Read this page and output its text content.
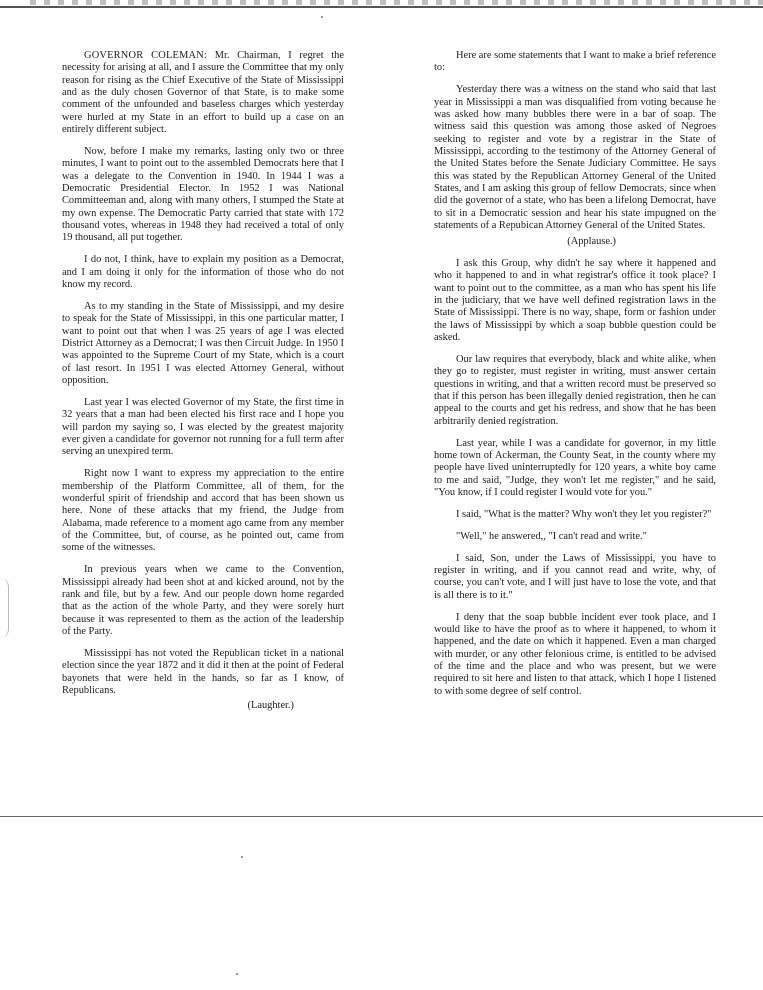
GOVERNOR COLEMAN: Mr. Chairman, I regret the necessity for arising at all, and I assure the Committee that my only reason for rising as the Chief Executive of the State of Mississippi and as the duly chosen Governor of that State, is to make some comment of the unfounded and baseless charges which yesterday were hurled at my State in an effort to build up a case on an entirely different subject.

Now, before I make my remarks, lasting only two or three minutes, I want to point out to the assembled Democrats here that I was a delegate to the Convention in 1940. In 1944 I was a Democratic Presidential Elector. In 1952 I was National Committeeman and, along with many others, I stumped the State at my own expense. The Democratic Party carried that state with 172 thousand votes, whereas in 1948 they had received a total of only 19 thousand, all put together.

I do not, I think, have to explain my position as a Democrat, and I am doing it only for the information of those who do not know my record.

As to my standing in the State of Mississippi, and my desire to speak for the State of Mississippi, in this one particular matter, I want to point out that when I was 25 years of age I was elected District Attorney as a Democrat; I was then Circuit Judge. In 1950 I was appointed to the Supreme Court of my State, which is a court of last resort. In 1951 I was elected Attorney General, without opposition.

Last year I was elected Governor of my State, the first time in 32 years that a man had been elected his first race and I hope you will pardon my saying so, I was elected by the greatest majority ever given a candidate for governor not running for a full term after serving an unexpired term.

Right now I want to express my appreciation to the entire membership of the Platform Committee, all of them, for the wonderful spirit of friendship and accord that has been shown us here. None of these attacks that my friend, the Judge from Alabama, made reference to a moment ago came from any member of the Committee, but, of course, as he pointed out, came from some of the witnesses.

In previous years when we came to the Convention, Mississippi already had been shot at and kicked around, not by the rank and file, but by a few. And our people down home regarded that as the action of the whole Party, and they were sorely hurt because it was represented to them as the action of the leadership of the Party.

Mississippi has not voted the Republican ticket in a national election since the year 1872 and it did it then at the point of Federal bayonets that were held in the hands, so far as I know, of Republicans.

(Laughter.)

Here are some statements that I want to make a brief reference to:

Yesterday there was a witness on the stand who said that last year in Mississippi a man was disqualified from voting because he was asked how many bubbles there were in a bar of soap. The witness said this question was among those asked of Negroes seeking to register and vote by a registrar in the State of Mississippi, according to the testimony of the Attorney General of the United States before the Senate Judiciary Committee. He says this was stated by the Republican Attorney General of the United States, and I am asking this group of fellow Democrats, since when did the governor of a state, who has been a lifelong Democrat, have to sit in a Democratic session and hear his state impugned on the statements of a Repubican Attorney General of the United States.

(Applause.)

I ask this Group, why didn't he say where it happened and who it happened to and in what registrar's office it took place? I want to point out to the committee, as a man who has spent his life in the judiciary, that we have well defined registration laws in the State of Mississippi. There is no way, shape, form or fashion under the laws of Mississippi by which a soap bubble question could be asked.

Our law requires that everybody, black and white alike, when they go to register, must register in writing, must answer certain questions in writing, and that a written record must be preserved so that if this person has been illegally denied registration, then he can appeal to the courts and get his redress, and show that he has been arbitrarily denied registration.

Last year, while I was a candidate for governor, in my little home town of Ackerman, the County Seat, in the county where my people have lived uninterruptedly for 120 years, a white boy came to me and said, "Judge, they won't let me register," and he said, "You know, if I could register I would vote for you."

I said, "What is the matter? Why won't they let you register?"

"Well," he answered,, "I can't read and write."

I said, Son, under the Laws of Mississippi, you have to register in writing, and if you cannot read and write, why, of course, you can't vote, and I will just have to lose the vote, and that is all there is to it."

I deny that the soap bubble incident ever took place, and I would like to have the proof as to where it happened, to whom it happened, and the date on which it happened. Even a man charged with murder, or any other felonious crime, is entitled to be advised of the time and the place and who was present, but we were required to sit here and listen to that attack, which I hope I listened to with some degree of self control.
